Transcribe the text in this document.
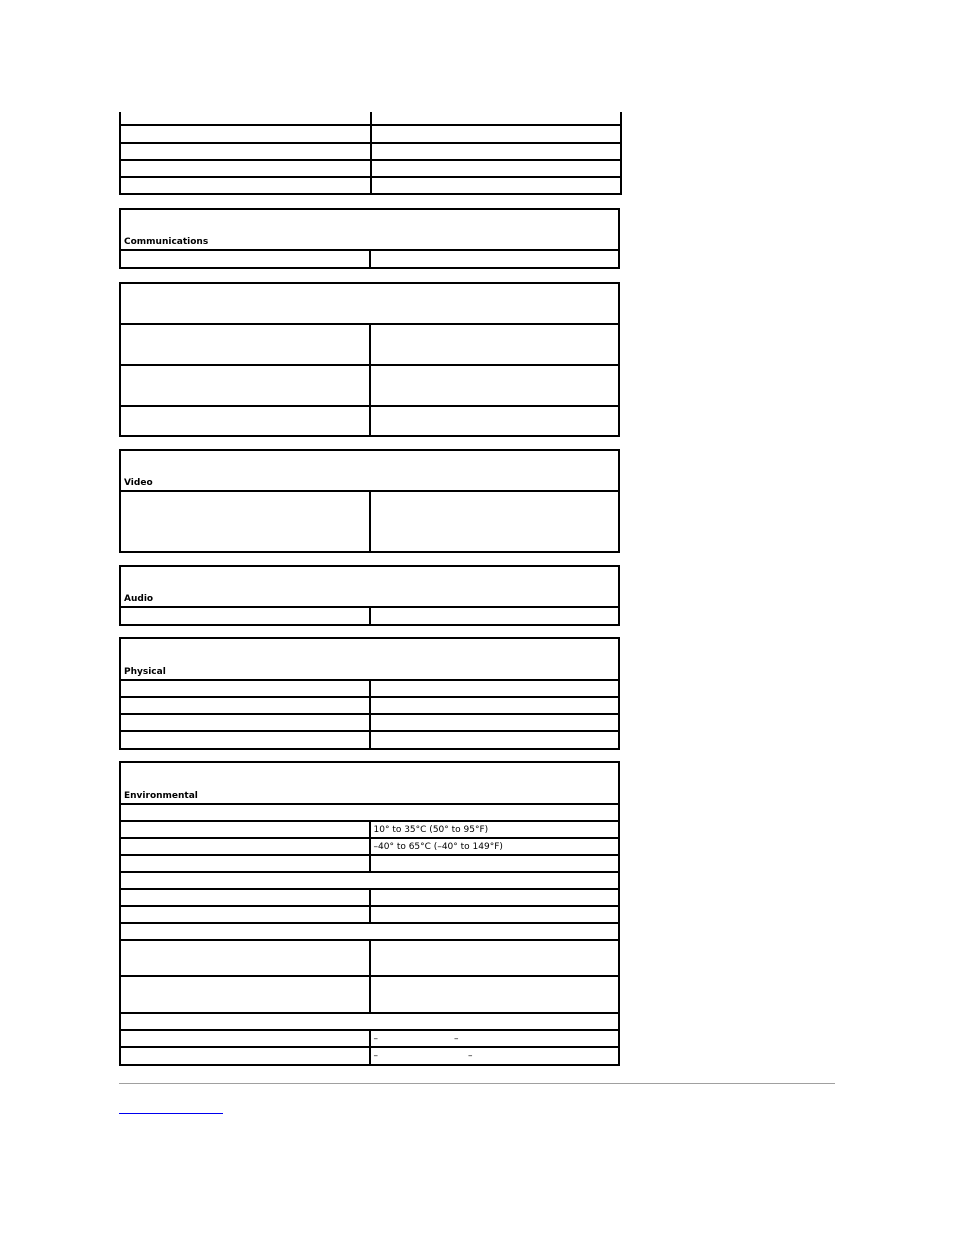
Communications

Video

Audio

Physical	

Environmental	

	10° to 35°C (50° to 95°F)
	–40° to 65°C (–40° to 149°F)

	– –
	– –
